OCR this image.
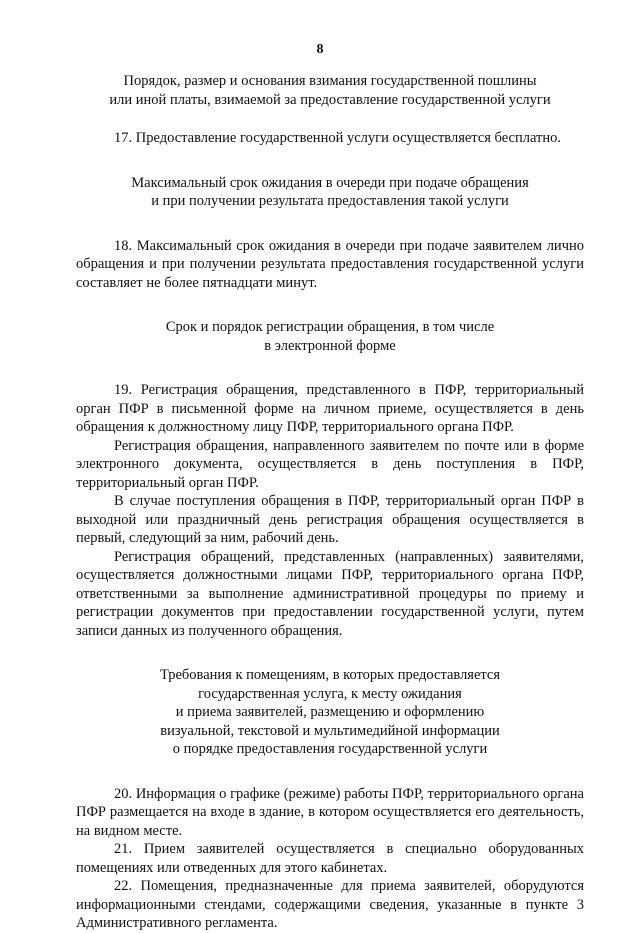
8
Порядок, размер и основания взимания государственной пошлины
или иной платы, взимаемой за предоставление государственной услуги

17. Предоставление государственной услуги осуществляется бесплатно.

Максимальный срок ожидания в очереди при подаче обращения
и при получении результата предоставления такой услуги

18. Максимальный срок ожидания в очереди при подаче заявителем лично обращения и при получении результата предоставления государственной услуги составляет не более пятнадцати минут.

Срок и порядок регистрации обращения, в том числе
в электронной форме

19. Регистрация обращения, представленного в ПФР, территориальный орган ПФР в письменной форме на личном приеме, осуществляется в день обращения к должностному лицу ПФР, территориального органа ПФР.

Регистрация обращения, направленного заявителем по почте или в форме электронного документа, осуществляется в день поступления в ПФР, территориальный орган ПФР.

В случае поступления обращения в ПФР, территориальный орган ПФР в выходной или праздничный день регистрация обращения осуществляется в первый, следующий за ним, рабочий день.

Регистрация обращений, представленных (направленных) заявителями, осуществляется должностными лицами ПФР, территориального органа ПФР, ответственными за выполнение административной процедуры по приему и регистрации документов при предоставлении государственной услуги, путем записи данных из полученного обращения.

Требования к помещениям, в которых предоставляется
государственная услуга, к месту ожидания
и приема заявителей, размещению и оформлению
визуальной, текстовой и мультимедийной информации
о порядке предоставления государственной услуги

20. Информация о графике (режиме) работы ПФР, территориального органа ПФР размещается на входе в здание, в котором осуществляется его деятельность, на видном месте.

21. Прием заявителей осуществляется в специально оборудованных помещениях или отведенных для этого кабинетах.

22. Помещения, предназначенные для приема заявителей, оборудуются информационными стендами, содержащими сведения, указанные в пункте 3 Административного регламента.
